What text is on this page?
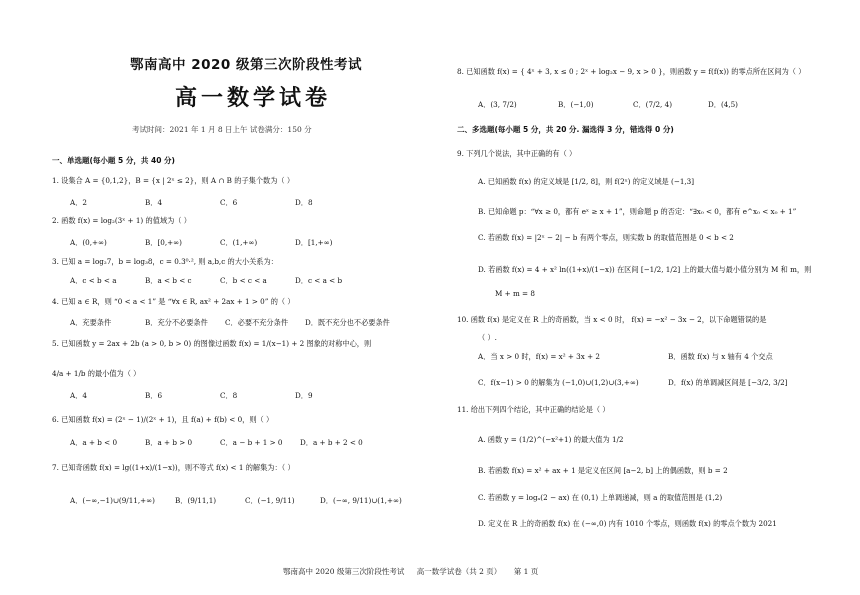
鄂南高中 2020 级第三次阶段性考试
高一数学试卷
考试时间：2021 年 1 月 8 日上午 试卷满分：150 分
一、单选题(每小题 5 分，共 40 分)
1. 设集合 A = {0,1,2}，B = {x | 2ˣ ≤ 2}，则 A ∩ B 的子集个数为（ ）
A．2	B．4	C．6	D．8
2. 函数 f(x) = log₂(3ˣ + 1) 的值域为（ ）
A．(0,+∞)	B．[0,+∞)	C．(1,+∞)	D．[1,+∞)
3. 已知 a = log₂7，b = log₃8，c = 0.3⁰·², 则 a,b,c 的大小关系为：
A．c < b < a	B．a < b < c	C．b < c < a	D．c < a < b
4. 已知 a ∈ R，则 “0 < a < 1” 是 “∀x ∈ R, ax² + 2ax + 1 > 0” 的（ ）
A．充要条件	B．充分不必要条件 C．必要不充分条件 D．既不充分也不必要条件
5. 已知函数 y = 2ax + 2b (a > 0, b > 0) 的图像过函数 f(x) = 1/(x−1) + 2 图象的对称中心，则
4/a + 1/b 的最小值为（ ）
A．4	B．6	C．8	D．9
6. 已知函数 f(x) = (2ˣ − 1)/(2ˣ + 1)，且 f(a) + f(b) < 0，则（ ）
A．a + b < 0	B．a + b > 0	C．a − b + 1 > 0 D．a + b + 2 < 0
7. 已知奇函数 f(x) = lg((1+x)/(1−x))，则不等式 f(x) < 1 的解集为：（ ）
A．(−∞,−1)∪(9/11,+∞)	B．(9/11,1)	C．(−1, 9/11)	D．(−∞, 9/11)∪(1,+∞)
8. 已知函数 f(x) = { 4ˣ + 3, x ≤ 0 ; 2ˣ + log₂x − 9, x > 0 }，则函数 y = f(f(x)) 的零点所在区间为（ ）
A．(3, 7/2)	B．(−1,0)	C．(7/2, 4)	D．(4,5)
二、多选题(每小题 5 分，共 20 分. 漏选得 3 分，错选得 0 分)
9. 下列几个说法，其中正确的有（ ）
A. 已知函数 f(x) 的定义域是 [1/2, 8]，则 f(2ˣ) 的定义域是 (−1,3]
B. 已知命题 p：“∀x ≥ 0，都有 eˣ ≥ x + 1”，则命题 p 的否定：“∃x₀ < 0，都有 e^x₀ < x₀ + 1”
C. 若函数 f(x) = |2ˣ − 2| − b 有两个零点，则实数 b 的取值范围是 0 < b < 2
D. 若函数 f(x) = 4 + x² ln((1+x)/(1−x)) 在区间 [−1/2, 1/2] 上的最大值与最小值分别为 M 和 m，则
M + m = 8
10. 函数 f(x) 是定义在 R 上的奇函数，当 x < 0 时， f(x) = −x² − 3x − 2，以下命题错误的是
（ ）.
A．当 x > 0 时，f(x) = x² + 3x + 2	B．函数 f(x) 与 x 轴有 4 个交点
C．f(x−1) > 0 的解集为 (−1,0)∪(1,2)∪(3,+∞)	D．f(x) 的单调减区间是 [−3/2, 3/2]
11. 给出下列四个结论，其中正确的结论是（ ）
A. 函数 y = (1/2)^(−x²+1) 的最大值为 1/2
B. 若函数 f(x) = x² + ax + 1 是定义在区间 [a−2, b] 上的偶函数，则 b = 2
C. 若函数 y = logₐ(2 − ax) 在 (0,1) 上单调递减，则 a 的取值范围是 (1,2)
D. 定义在 R 上的奇函数 f(x) 在 (−∞,0) 内有 1010 个零点，则函数 f(x) 的零点个数为 2021
鄂南高中 2020 级第三次阶段性考试 高一数学试卷（共 2 页） 第 1 页
